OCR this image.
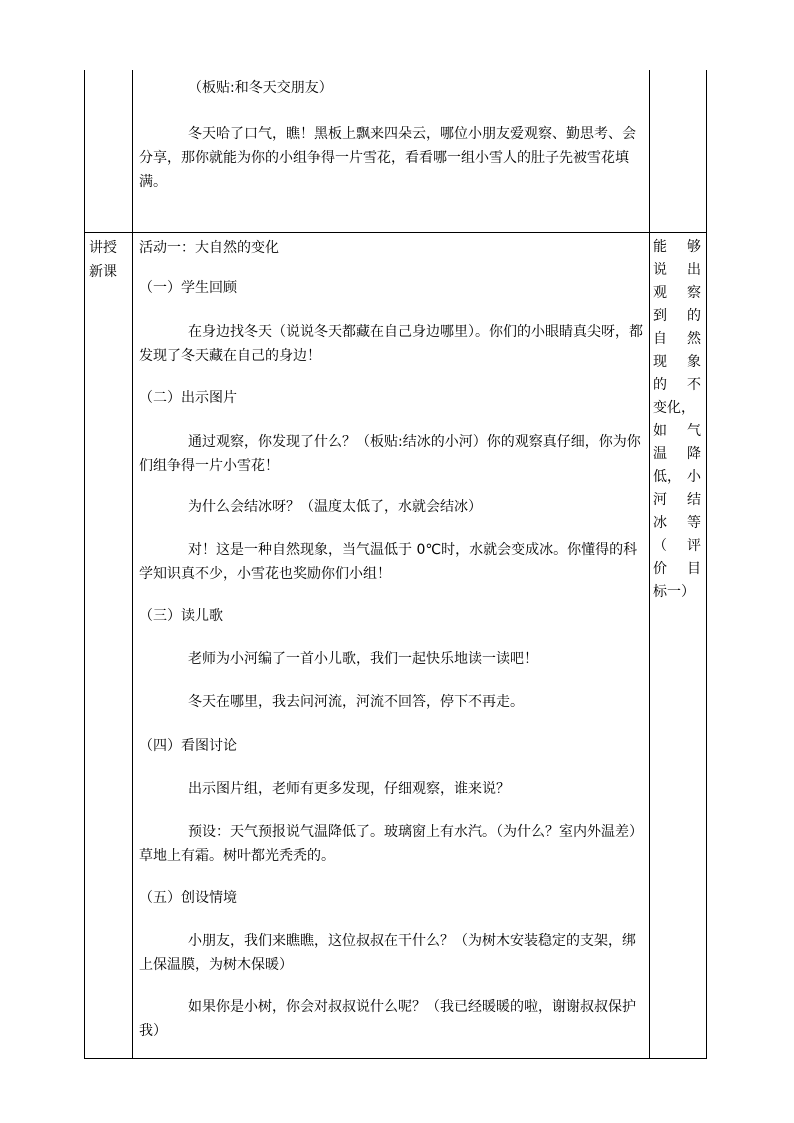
（板贴:和冬天交朋友）
冬天哈了口气，瞧！黑板上飘来四朵云，哪位小朋友爱观察、勤思考、会分享，那你就能为你的小组争得一片雪花，看看哪一组小雪人的肚子先被雪花填满。
讲授
新课
活动一：大自然的变化
（一）学生回顾
在身边找冬天（说说冬天都藏在自己身边哪里）。你们的小眼睛真尖呀，都发现了冬天藏在自己的身边！
（二）出示图片
通过观察，你发现了什么？（板贴:结冰的小河）你的观察真仔细，你为你们组争得一片小雪花！
为什么会结冰呀？（温度太低了，水就会结冰）
对！这是一种自然现象，当气温低于 0℃时，水就会变成冰。你懂得的科学知识真不少，小雪花也奖励你们小组！
（三）读儿歌
老师为小河编了一首小儿歌，我们一起快乐地读一读吧！
冬天在哪里，我去问河流，河流不回答，停下不再走。
（四）看图讨论
出示图片组，老师有更多发现，仔细观察，谁来说？
预设：天气预报说气温降低了。玻璃窗上有水汽。（为什么？室内外温差）草地上有霜。树叶都光秃秃的。
（五）创设情境
小朋友，我们来瞧瞧，这位叔叔在干什么？（为树木安装稳定的支架，绑上保温膜，为树木保暖）
如果你是小树，你会对叔叔说什么呢？（我已经暖暖的啦，谢谢叔叔保护我）
能 够
说 出
观 察
到 的
自 然
现 象
的 不
变化，
如 气
温 降
低， 小
河 结
冰 等
（ 评
价 目
标一）
